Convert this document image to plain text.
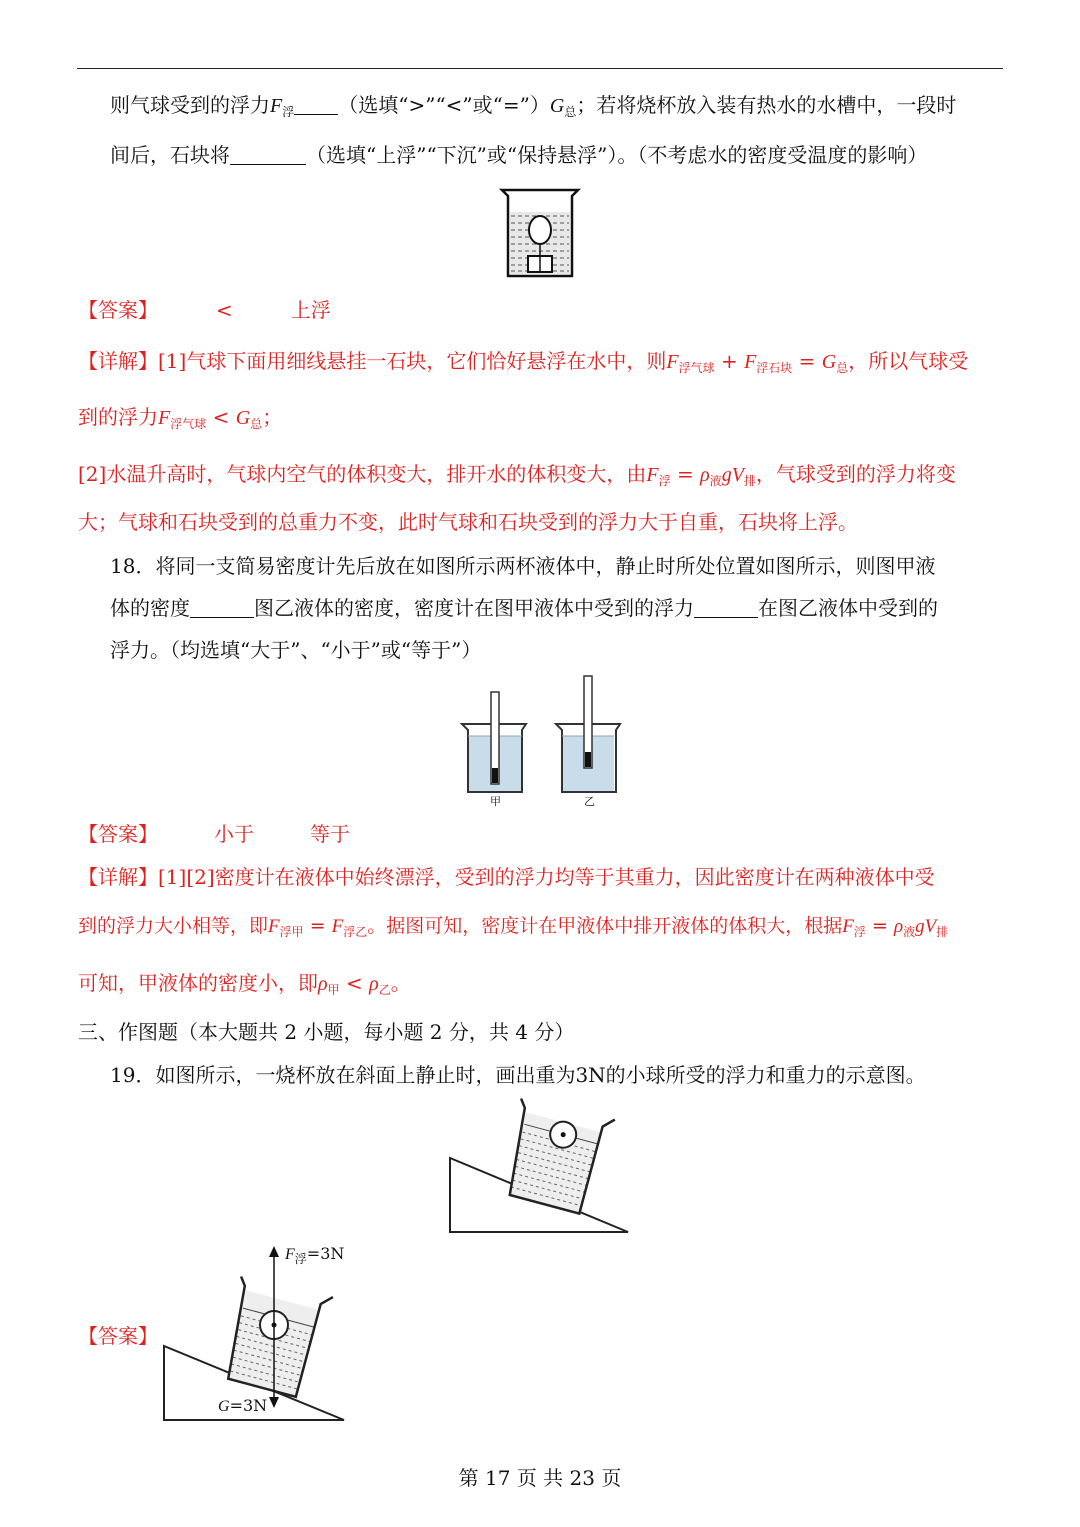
则气球受到的浮力$F_浮$ （选填“>”“<”或“$=”)G_总$；若将烧杯放入装有热水的水槽中，一段时
间后，石块将	（选填“上浮”“下沉”或“保持悬浮”）。（不考虑水的密度受温度的影响）
【答案】	<	上浮
【详解】[1]气球下面用细线悬挂一石块，它们恰好悬浮在水中，则$F_{浮气球} + F_{浮石块} = G_总$，所以气球受
到的浮力$F_{浮气球} < G_总$；
[2]水温升高时，气球内空气的体积变大，排开水的体积变大，由$F_浮 = \rho_液gV_排$，气球受到的浮力将变
大；气球和石块受到的总重力不变，此时气球和石块受到的浮力大于自重，石块将上浮。
18．将同一支简易密度计先后放在如图所示两杯液体中，静止时所处位置如图所示，则图甲液
体的密度	图乙液体的密度，密度计在图甲液体中受到的浮力	在图乙液体中受到的
浮力。（均选填“大于”、“小于”或“等于”）
甲	乙
【答案】	小于	等于
【详解】[1][2]密度计在液体中始终漂浮，受到的浮力均等于其重力，因此密度计在两种液体中受
到的浮力大小相等，即$F_{浮甲} = F_{浮乙}$。据图可知，密度计在甲液体中排开液体的体积大，根据$F_浮 = \rho_液gV_排$
可知，甲液体的密度小，即$\rho_甲 < \rho_乙$。
三、作图题（本大题共 2 小题，每小题 2 分，共 4 分）
19．如图所示，一烧杯放在斜面上静止时，画出重为3N的小球所受的浮力和重力的示意图。
【答案】
$F_浮=3N$
G=3N
第 17 页 共 23 页
